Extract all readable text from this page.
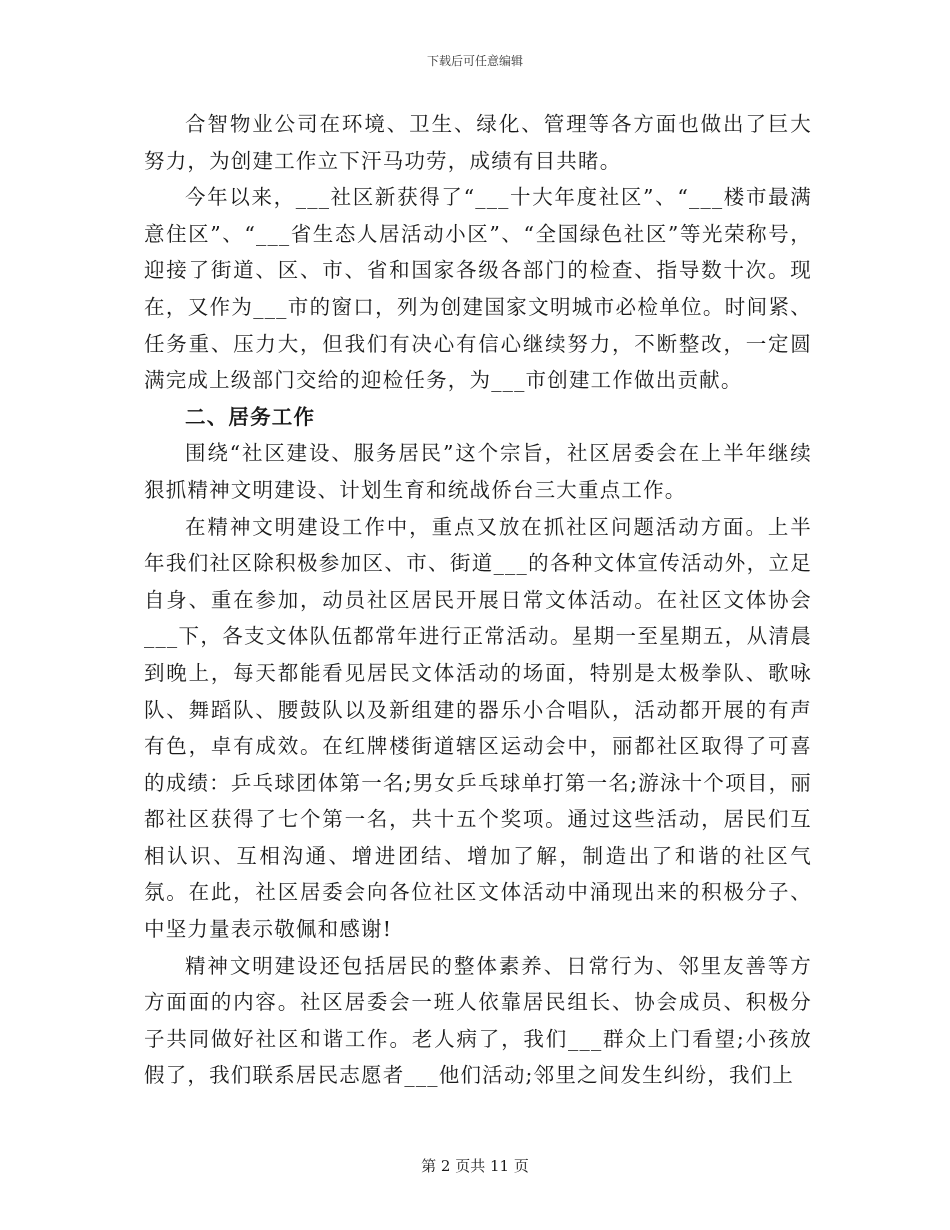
下载后可任意编辑

合智物业公司在环境、卫生、绿化、管理等各方面也做出了巨大努力，为创建工作立下汗马功劳，成绩有目共睹。

今年以来，___社区新获得了“___十大年度社区”、“___楼市最满意住区”、“___省生态人居活动小区”、“全国绿色社区”等光荣称号，迎接了街道、区、市、省和国家各级各部门的检查、指导数十次。现在，又作为___市的窗口，列为创建国家文明城市必检单位。时间紧、任务重、压力大，但我们有决心有信心继续努力，不断整改，一定圆满完成上级部门交给的迎检任务，为___市创建工作做出贡献。

二、居务工作

围绕“社区建设、服务居民”这个宗旨，社区居委会在上半年继续狠抓精神文明建设、计划生育和统战侨台三大重点工作。

在精神文明建设工作中，重点又放在抓社区问题活动方面。上半年我们社区除积极参加区、市、街道___的各种文体宣传活动外，立足自身、重在参加，动员社区居民开展日常文体活动。在社区文体协会___下，各支文体队伍都常年进行正常活动。星期一至星期五，从清晨到晚上，每天都能看见居民文体活动的场面，特别是太极拳队、歌咏队、舞蹈队、腰鼓队以及新组建的器乐小合唱队，活动都开展的有声有色，卓有成效。在红牌楼街道辖区运动会中，丽都社区取得了可喜的成绩：乒乓球团体第一名;男女乒乓球单打第一名;游泳十个项目，丽都社区获得了七个第一名，共十五个奖项。通过这些活动，居民们互相认识、互相沟通、增进团结、增加了解，制造出了和谐的社区气氛。在此，社区居委会向各位社区文体活动中涌现出来的积极分子、中坚力量表示敬佩和感谢!

精神文明建设还包括居民的整体素养、日常行为、邻里友善等方方面面的内容。社区居委会一班人依靠居民组长、协会成员、积极分子共同做好社区和谐工作。老人病了，我们___群众上门看望;小孩放假了，我们联系居民志愿者___他们活动;邻里之间发生纠纷，我们上

第 2 页共 11 页
